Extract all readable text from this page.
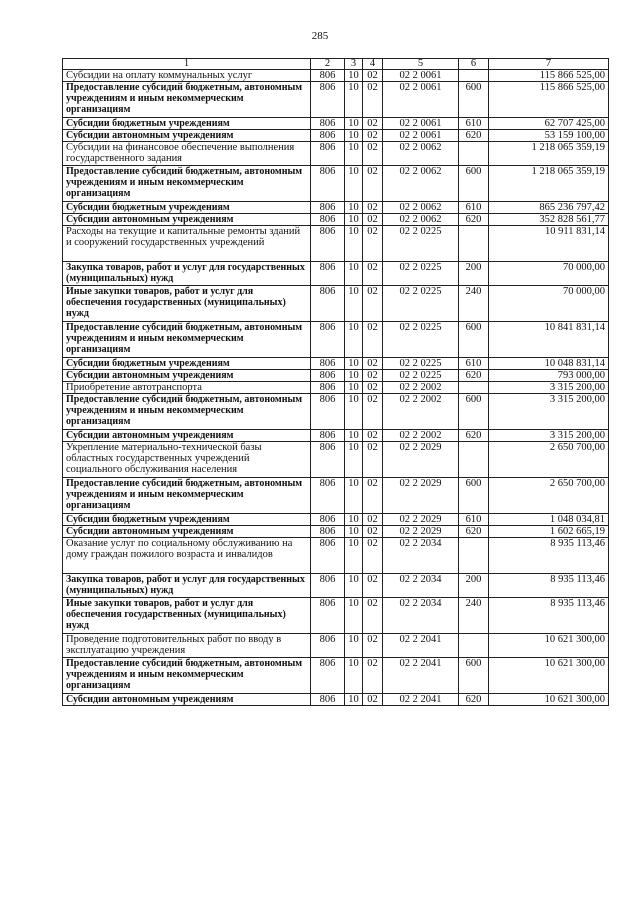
285
1	2	3	4	5	6	7
Субсидии на оплату коммунальных услуг	806	10	02	02 2 0061		115 866 525,00
Предоставление субсидий бюджетным, автономным учреждениям и иным некоммерческим организациям	806	10	02	02 2 0061	600	115 866 525,00
Субсидии бюджетным учреждениям	806	10	02	02 2 0061	610	62 707 425,00
Субсидии автономным учреждениям	806	10	02	02 2 0061	620	53 159 100,00
Субсидии на финансовое обеспечение выполнения государственного задания	806	10	02	02 2 0062		1 218 065 359,19
Предоставление субсидий бюджетным, автономным учреждениям и иным некоммерческим организациям	806	10	02	02 2 0062	600	1 218 065 359,19
Субсидии бюджетным учреждениям	806	10	02	02 2 0062	610	865 236 797,42
Субсидии автономным учреждениям	806	10	02	02 2 0062	620	352 828 561,77
Расходы на текущие и капитальные ремонты зданий и сооружений государственных учреждений	806	10	02	02 2 0225		10 911 831,14
Закупка товаров, работ и услуг для государственных (муниципальных) нужд	806	10	02	02 2 0225	200	70 000,00
Иные закупки товаров, работ и услуг для обеспечения государственных (муниципальных) нужд	806	10	02	02 2 0225	240	70 000,00
Предоставление субсидий бюджетным, автономным учреждениям и иным некоммерческим организациям	806	10	02	02 2 0225	600	10 841 831,14
Субсидии бюджетным учреждениям	806	10	02	02 2 0225	610	10 048 831,14
Субсидии автономным учреждениям	806	10	02	02 2 0225	620	793 000,00
Приобретение автотранспорта	806	10	02	02 2 2002		3 315 200,00
Предоставление субсидий бюджетным, автономным учреждениям и иным некоммерческим организациям	806	10	02	02 2 2002	600	3 315 200,00
Субсидии автономным учреждениям	806	10	02	02 2 2002	620	3 315 200,00
Укрепление материально-технической базы областных государственных учреждений социального обслуживания населения	806	10	02	02 2 2029		2 650 700,00
Предоставление субсидий бюджетным, автономным учреждениям и иным некоммерческим организациям	806	10	02	02 2 2029	600	2 650 700,00
Субсидии бюджетным учреждениям	806	10	02	02 2 2029	610	1 048 034,81
Субсидии автономным учреждениям	806	10	02	02 2 2029	620	1 602 665,19
Оказание услуг по социальному обслуживанию на дому граждан пожилого возраста и инвалидов	806	10	02	02 2 2034		8 935 113,46
Закупка товаров, работ и услуг для государственных (муниципальных) нужд	806	10	02	02 2 2034	200	8 935 113,46
Иные закупки товаров, работ и услуг для обеспечения государственных (муниципальных) нужд	806	10	02	02 2 2034	240	8 935 113,46
Проведение подготовительных работ по вводу в эксплуатацию учреждения	806	10	02	02 2 2041		10 621 300,00
Предоставление субсидий бюджетным, автономным учреждениям и иным некоммерческим организациям	806	10	02	02 2 2041	600	10 621 300,00
Субсидии автономным учреждениям	806	10	02	02 2 2041	620	10 621 300,00
